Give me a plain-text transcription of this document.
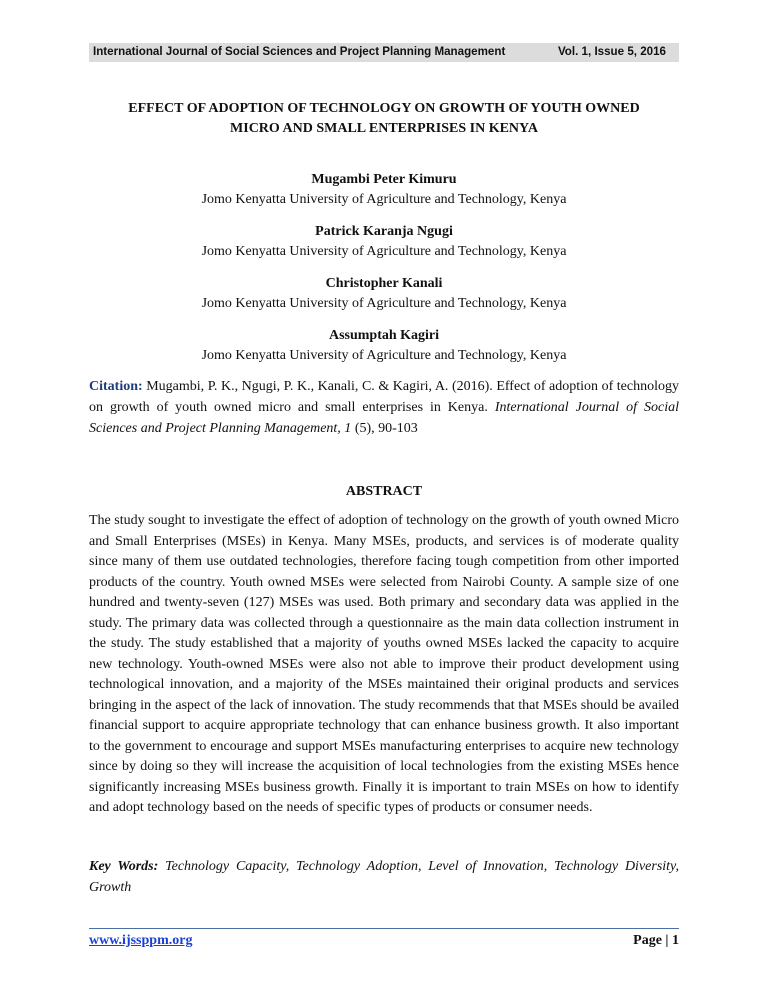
International Journal of Social Sciences and Project Planning Management	Vol. 1, Issue 5, 2016
EFFECT OF ADOPTION OF TECHNOLOGY ON GROWTH OF YOUTH OWNED
MICRO AND SMALL ENTERPRISES IN KENYA
Mugambi Peter Kimuru
Jomo Kenyatta University of Agriculture and Technology, Kenya
Patrick Karanja Ngugi
Jomo Kenyatta University of Agriculture and Technology, Kenya
Christopher Kanali
Jomo Kenyatta University of Agriculture and Technology, Kenya
Assumptah Kagiri
Jomo Kenyatta University of Agriculture and Technology, Kenya
Citation: Mugambi, P. K., Ngugi, P. K., Kanali, C. & Kagiri, A. (2016). Effect of adoption of technology on growth of youth owned micro and small enterprises in Kenya. International Journal of Social Sciences and Project Planning Management, 1 (5), 90-103
ABSTRACT
The study sought to investigate the effect of adoption of technology on the growth of youth owned Micro and Small Enterprises (MSEs) in Kenya. Many MSEs, products, and services is of moderate quality since many of them use outdated technologies, therefore facing tough competition from other imported products of the country. Youth owned MSEs were selected from Nairobi County. A sample size of one hundred and twenty-seven (127) MSEs was used. Both primary and secondary data was applied in the study. The primary data was collected through a questionnaire as the main data collection instrument in the study. The study established that a majority of youths owned MSEs lacked the capacity to acquire new technology. Youth-owned MSEs were also not able to improve their product development using technological innovation, and a majority of the MSEs maintained their original products and services bringing in the aspect of the lack of innovation. The study recommends that that MSEs should be availed financial support to acquire appropriate technology that can enhance business growth. It also important to the government to encourage and support MSEs manufacturing enterprises to acquire new technology since by doing so they will increase the acquisition of local technologies from the existing MSEs hence significantly increasing MSEs business growth. Finally it is important to train MSEs on how to identify and adopt technology based on the needs of specific types of products or consumer needs.
Key Words: Technology Capacity, Technology Adoption, Level of Innovation, Technology Diversity, Growth
www.ijssppm.org	Page | 1
